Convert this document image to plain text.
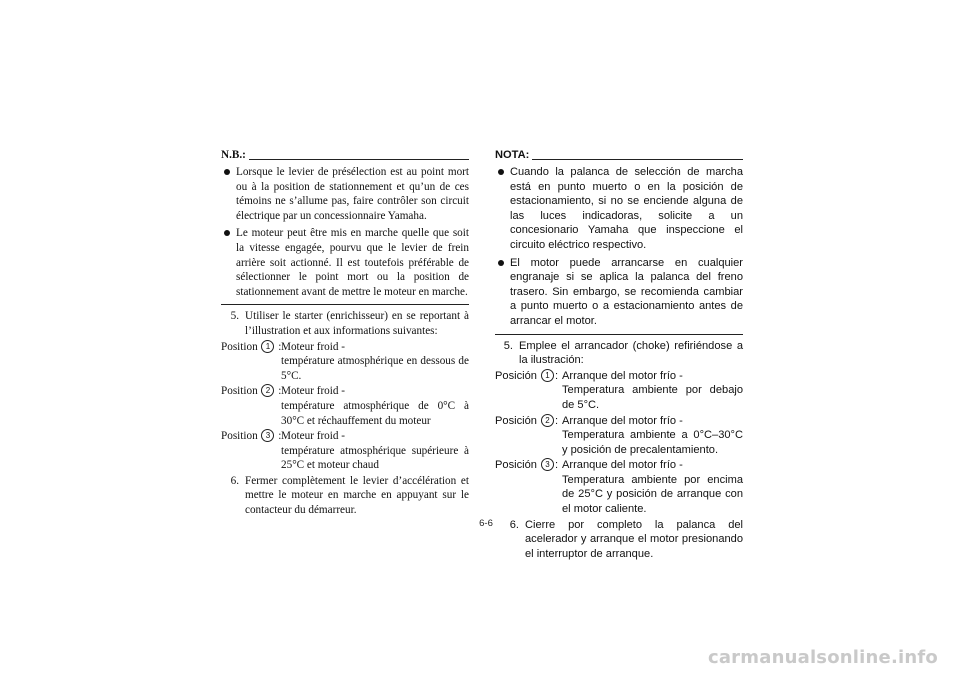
N.B.:
Lorsque le levier de présélection est au point mort ou à la position de stationnement et qu’un de ces témoins ne s’allume pas, faire contrôler son circuit électrique par un concessionnaire Yamaha.
Le moteur peut être mis en marche quelle que soit la vitesse engagée, pourvu que le levier de frein arrière soit actionné. Il est toutefois préférable de sélectionner le point mort ou la position de stationnement avant de mettre le moteur en marche.
5. Utiliser le starter (enrichisseur) en se reportant à l’illustration et aux informations suivantes:
Position 1 : Moteur froid -
température atmosphérique en dessous de 5°C.
Position 2 : Moteur froid -
température atmosphérique de 0°C à 30°C et réchauffement du moteur
Position 3 : Moteur froid -
température atmosphérique supérieure à 25°C et moteur chaud
6. Fermer complètement le levier d’accélération et mettre le moteur en marche en appuyant sur le contacteur du démarreur.
NOTA:
Cuando la palanca de selección de marcha está en punto muerto o en la posición de estacionamiento, si no se enciende alguna de las luces indicadoras, solicite a un concesionario Yamaha que inspeccione el circuito eléctrico respectivo.
El motor puede arrancarse en cualquier engranaje si se aplica la palanca del freno trasero. Sin embargo, se recomienda cambiar a punto muerto o a estacionamiento antes de arrancar el motor.
5. Emplee el arrancador (choke) refiriéndose a la ilustración:
Posición 1 : Arranque del motor frío -
Temperatura ambiente por debajo de 5°C.
Posición 2 : Arranque del motor frío -
Temperatura ambiente a 0°C–30°C y posición de precalentamiento.
Posición 3 : Arranque del motor frío -
Temperatura ambiente por encima de 25°C y posición de arranque con el motor caliente.
6. Cierre por completo la palanca del acelerador y arranque el motor presionando el interruptor de arranque.
6-6
carmanualsonline.info
